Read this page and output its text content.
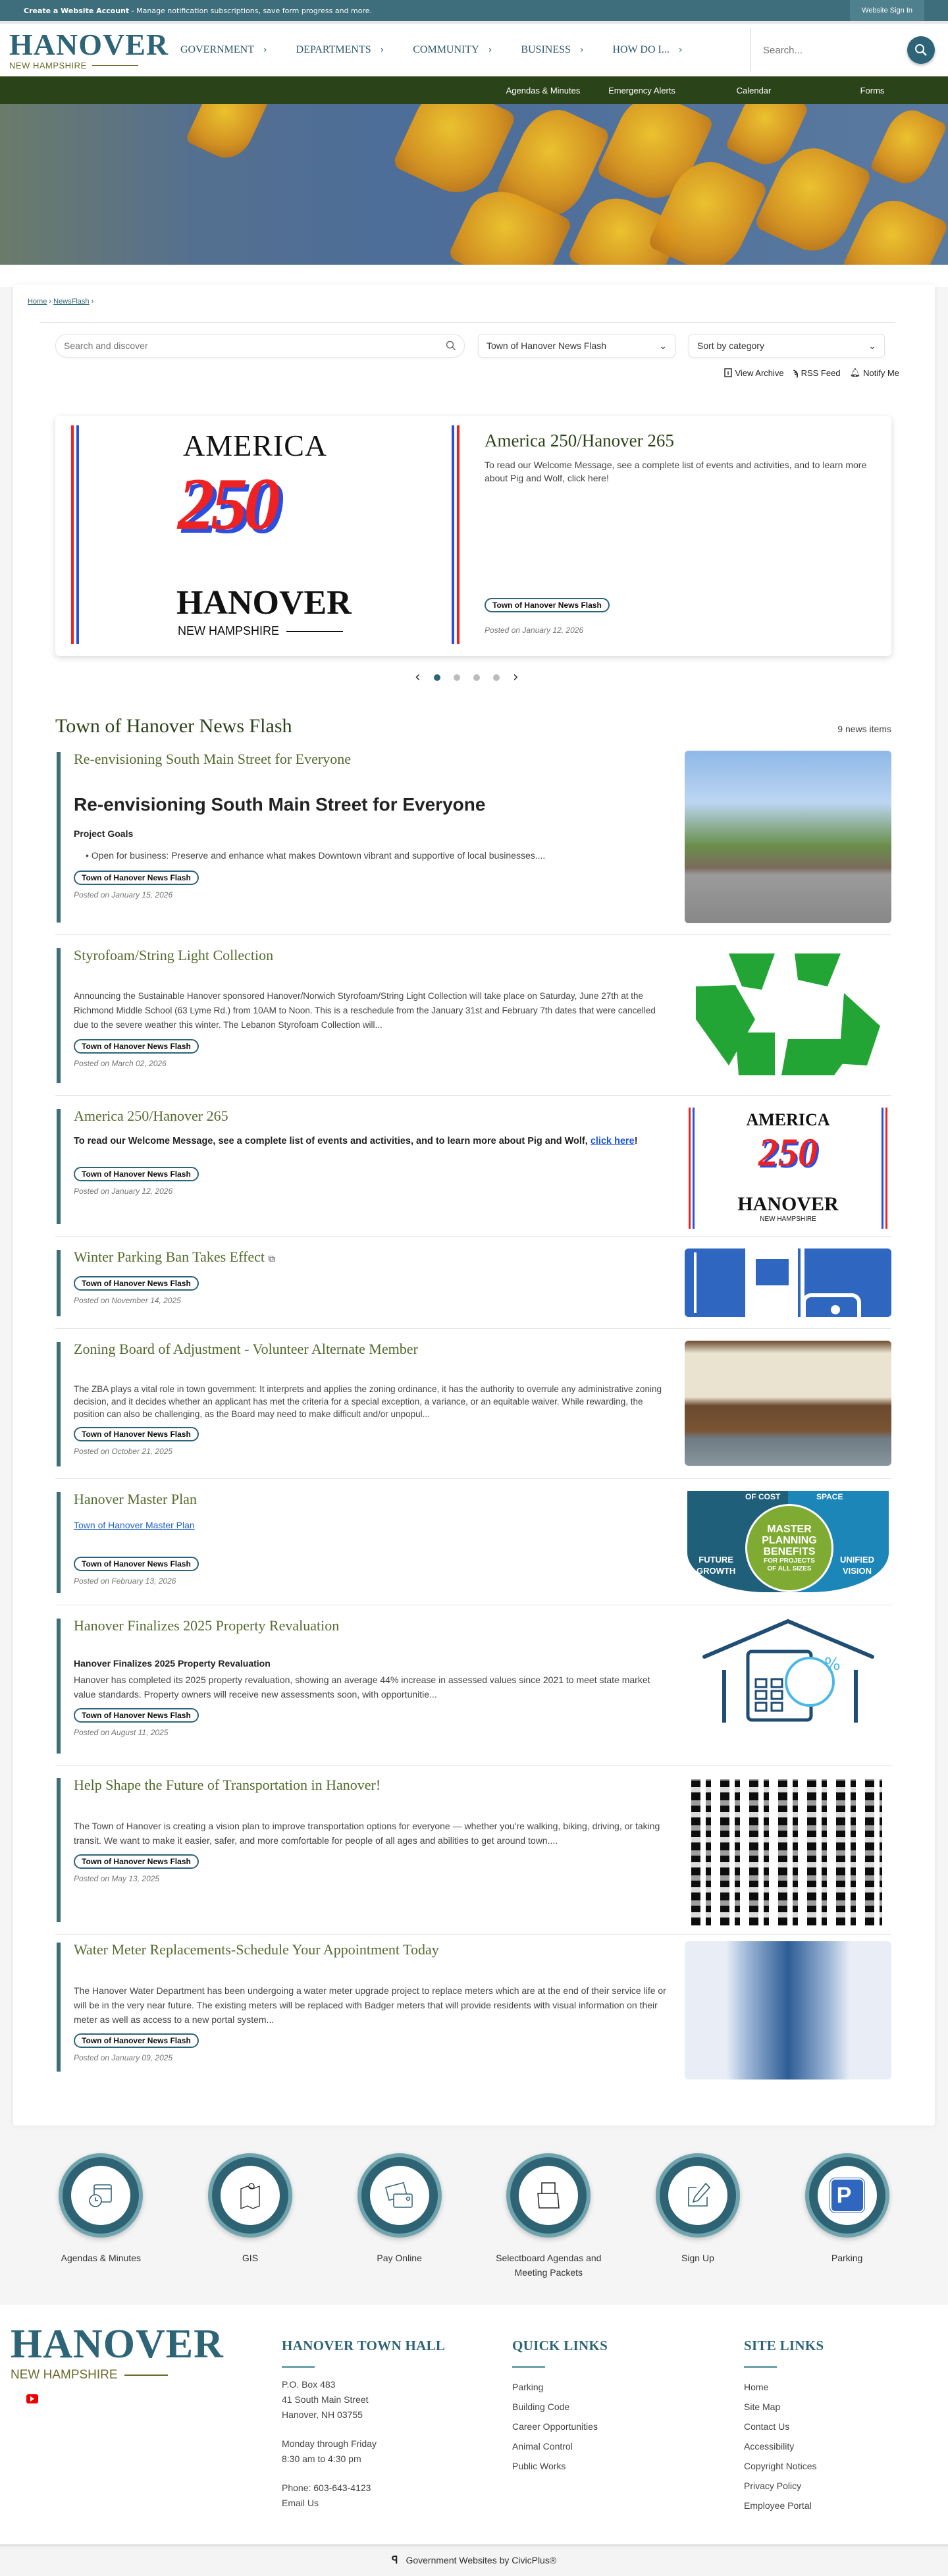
Create a Website Account - Manage notification subscriptions, save form progress and more.	Website Sign In
HANOVER
NEW HAMPSHIRE
GOVERNMENT ›	DEPARTMENTS ›	COMMUNITY ›	BUSINESS ›	HOW DO I... ›
Search...
Agendas & Minutes	Emergency Alerts	Calendar	Forms
Home › NewsFlash ›
Search and discover
Town of Hanover News Flash	⌄	Sort by category	⌄
View Archive ϡ RSS Feed 🔔︎ Notify Me
AMERICA
250
HANOVER
NEW HAMPSHIRE
America 250/Hanover 265
To read our Welcome Message, see a complete list of events and activities, and to learn more about Pig and Wolf, click here!
Town of Hanover News Flash
Posted on January 12, 2026
‹	›
Town of Hanover News Flash	9 news items
Re-envisioning South Main Street for Everyone
Re-envisioning South Main Street for Everyone
Project Goals
• Open for business: Preserve and enhance what makes Downtown vibrant and supportive of local businesses....
Town of Hanover News Flash
Posted on January 15, 2026
Styrofoam/String Light Collection
Announcing the Sustainable Hanover sponsored Hanover/Norwich Styrofoam/String Light Collection will take place on Saturday, June 27th at the Richmond Middle School (63 Lyme Rd.) from 10AM to Noon. This is a reschedule from the January 31st and February 7th dates that were cancelled due to the severe weather this winter. The Lebanon Styrofoam Collection will...
Town of Hanover News Flash
Posted on March 02, 2026
America 250/Hanover 265
To read our Welcome Message, see a complete list of events and activities, and to learn more about Pig and Wolf, click here!
Town of Hanover News Flash
Posted on January 12, 2026
AMERICA
250
HANOVER
NEW HAMPSHIRE
Winter Parking Ban Takes Effect ⧉
Town of Hanover News Flash
Posted on November 14, 2025
Zoning Board of Adjustment - Volunteer Alternate Member
The ZBA plays a vital role in town government: It interprets and applies the zoning ordinance, it has the authority to overrule any administrative zoning decision, and it decides whether an applicant has met the criteria for a special exception, a variance, or an equitable waiver. While rewarding, the position can also be challenging, as the Board may need to make difficult and/or unpopul...
Town of Hanover News Flash
Posted on October 21, 2025
Hanover Master Plan
Town of Hanover Master Plan
Town of Hanover News Flash
Posted on February 13, 2026
OF COST	SPACE
MASTER
PLANNING
BENEFITS
FOR PROJECTS
OF ALL SIZES
FUTURE
GROWTH
UNIFIED
VISION
Hanover Finalizes 2025 Property Revaluation
Hanover Finalizes 2025 Property Revaluation
Hanover has completed its 2025 property revaluation, showing an average 44% increase in assessed values since 2021 to meet state market value standards. Property owners will receive new assessments soon, with opportunitie...
Town of Hanover News Flash
Posted on August 11, 2025
%
Help Shape the Future of Transportation in Hanover!
The Town of Hanover is creating a vision plan to improve transportation options for everyone — whether you're walking, biking, driving, or taking transit. We want to make it easier, safer, and more comfortable for people of all ages and abilities to get around town....
Town of Hanover News Flash
Posted on May 13, 2025
Water Meter Replacements-Schedule Your Appointment Today
The Hanover Water Department has been undergoing a water meter upgrade project to replace meters which are at the end of their service life or will be in the very near future. The existing meters will be replaced with Badger meters that will provide residents with visual information on their meter as well as access to a new portal system...
Town of Hanover News Flash
Posted on January 09, 2025
Agendas & Minutes	GIS	Pay Online	Selectboard Agendas and Meeting Packets
Sign Up
P
Parking
HANOVER
NEW HAMPSHIRE
HANOVER TOWN HALL
P.O. Box 483
41 South Main Street
Hanover, NH 03755
Monday through Friday
8:30 am to 4:30 pm
Phone: 603-643-4123
Email Us
QUICK LINKS
Parking
Building Code
Career Opportunities
Animal Control
Public Works
SITE LINKS
Home
Site Map
Contact Us
Accessibility
Copyright Notices
Privacy Policy
Employee Portal
ꟼ Government Websites by CivicPlus®
